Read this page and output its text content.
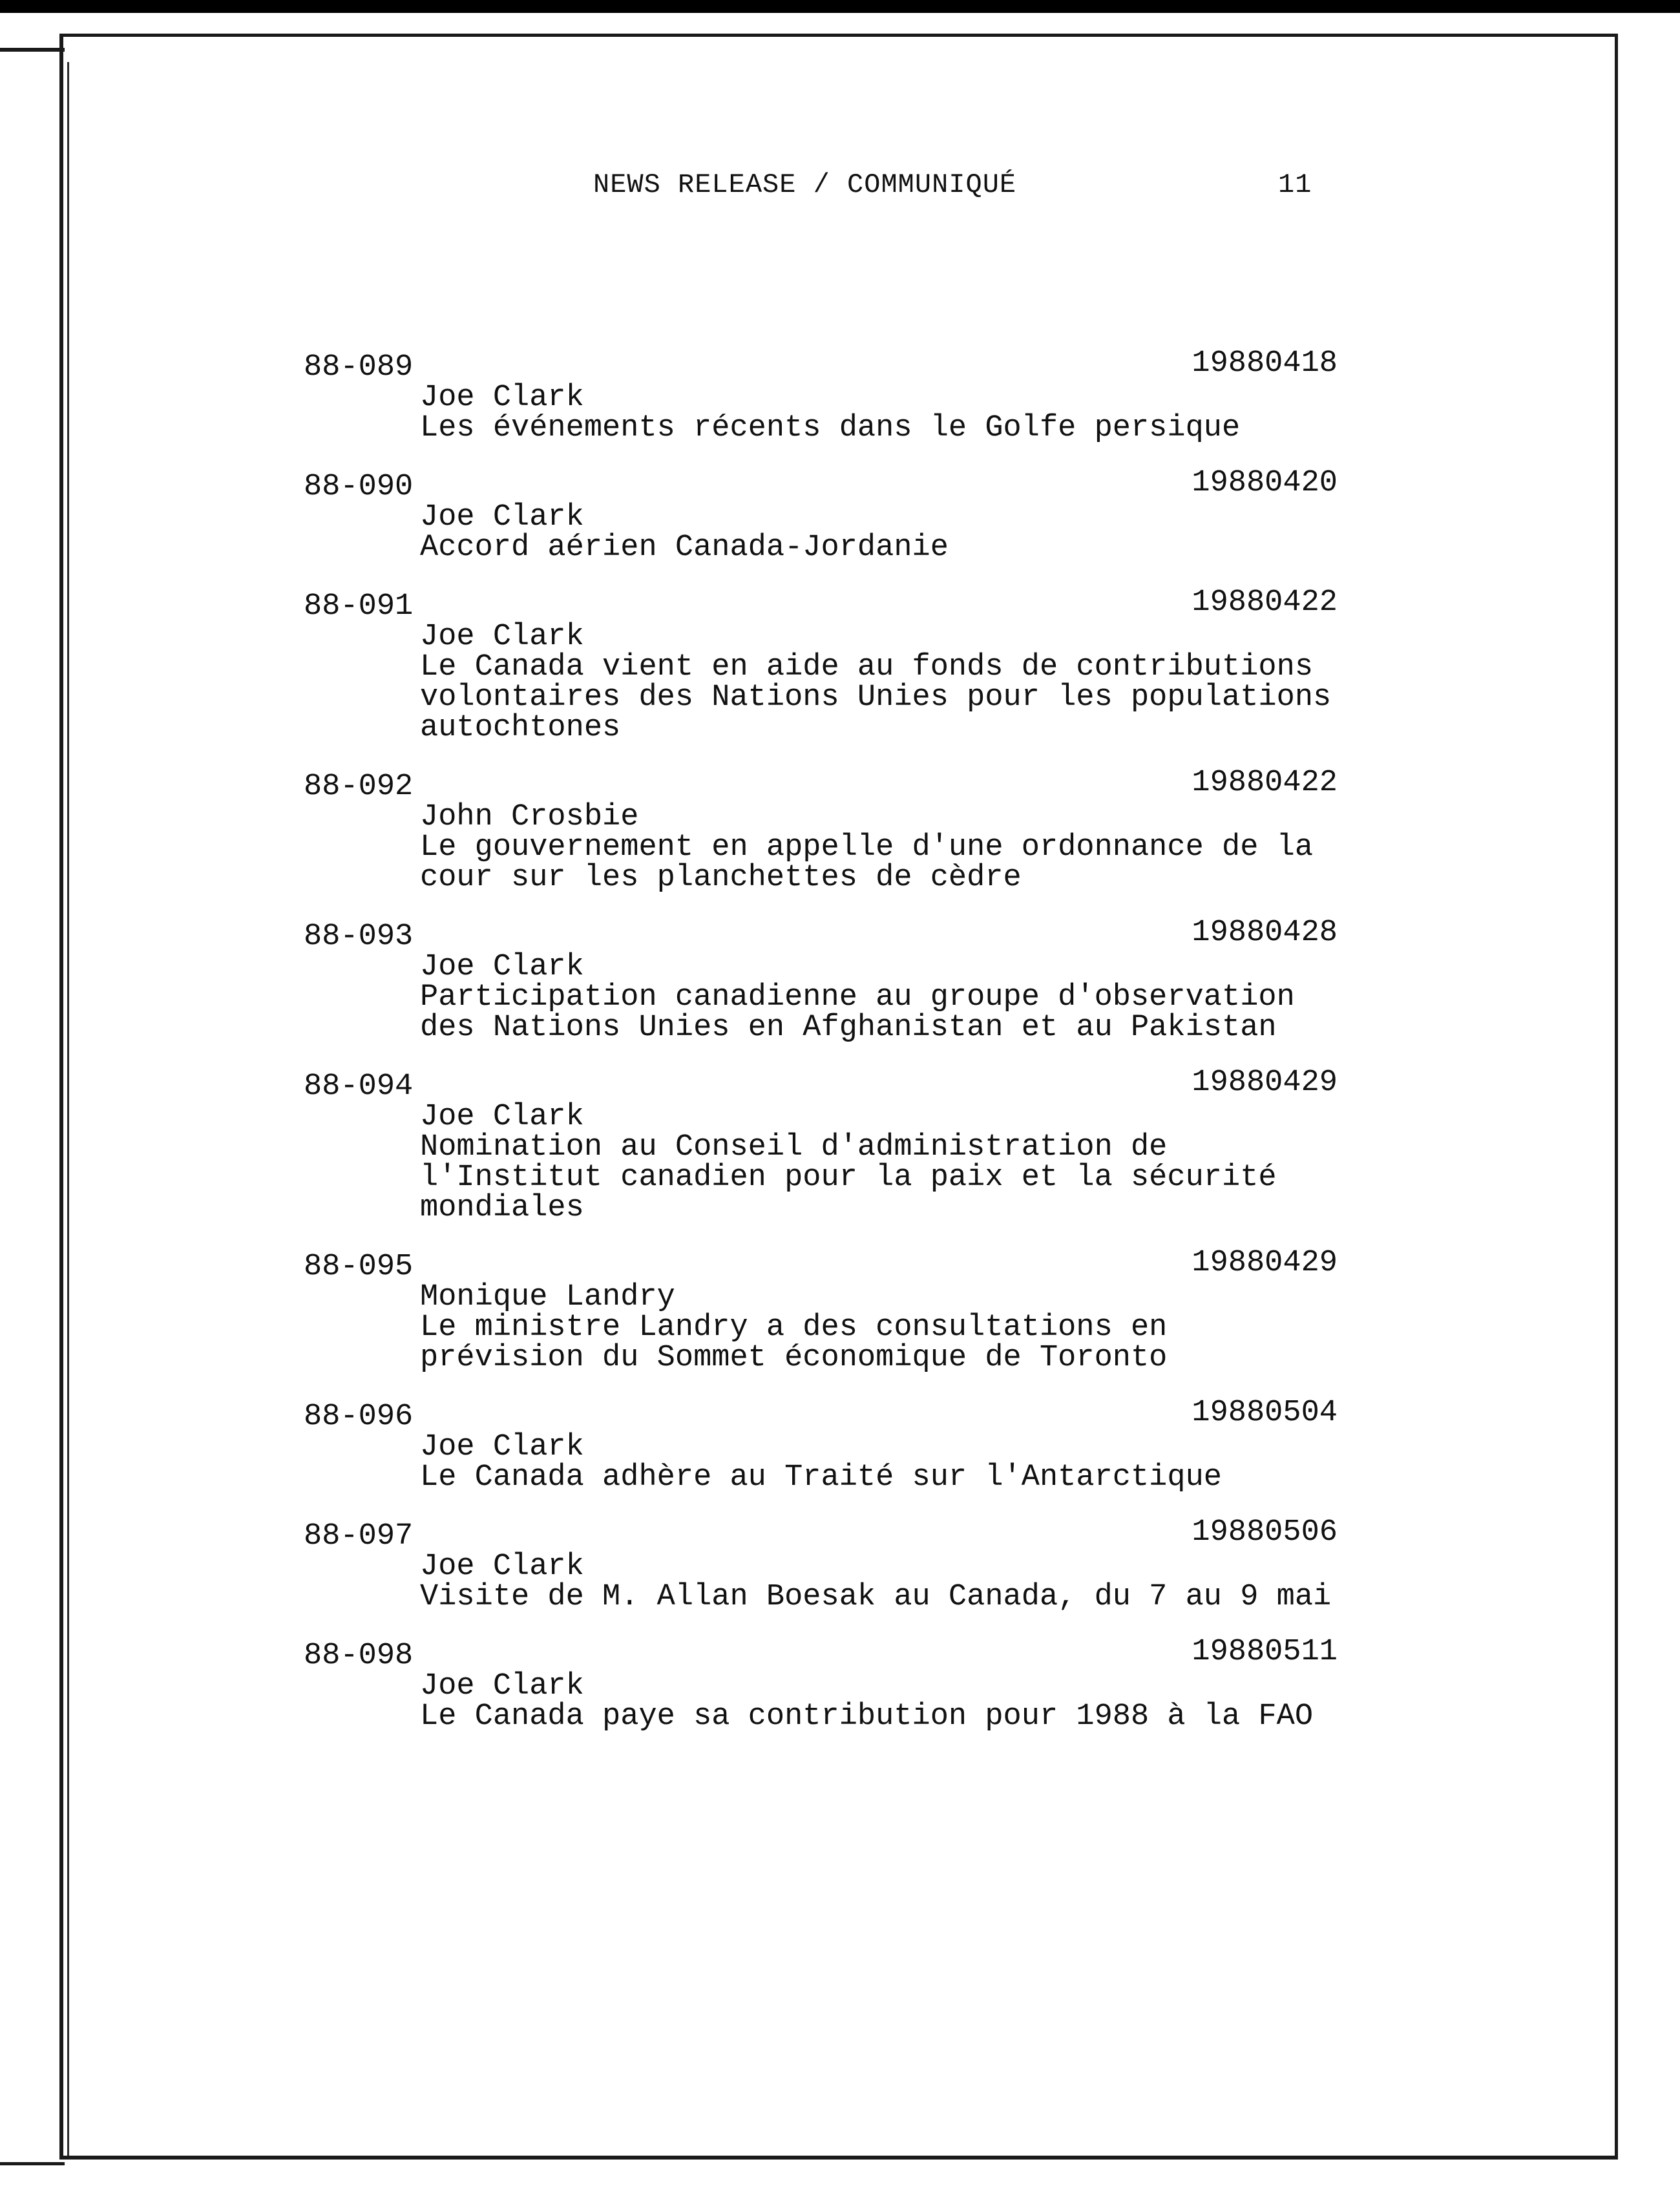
NEWS RELEASE / COMMUNIQUÉ	11
88-089	19880418
Joe Clark
Les événements récents dans le Golfe persique
88-090	19880420
Joe Clark
Accord aérien Canada-Jordanie
88-091	19880422
Joe Clark
Le Canada vient en aide au fonds de contributions
volontaires des Nations Unies pour les populations
autochtones
88-092	19880422
John Crosbie
Le gouvernement en appelle d'une ordonnance de la
cour sur les planchettes de cèdre
88-093	19880428
Joe Clark
Participation canadienne au groupe d'observation
des Nations Unies en Afghanistan et au Pakistan
88-094	19880429
Joe Clark
Nomination au Conseil d'administration de
l'Institut canadien pour la paix et la sécurité
mondiales
88-095	19880429
Monique Landry
Le ministre Landry a des consultations en
prévision du Sommet économique de Toronto
88-096	19880504
Joe Clark
Le Canada adhère au Traité sur l'Antarctique
88-097	19880506
Joe Clark
Visite de M. Allan Boesak au Canada, du 7 au 9 mai
88-098	19880511
Joe Clark
Le Canada paye sa contribution pour 1988 à la FAO
